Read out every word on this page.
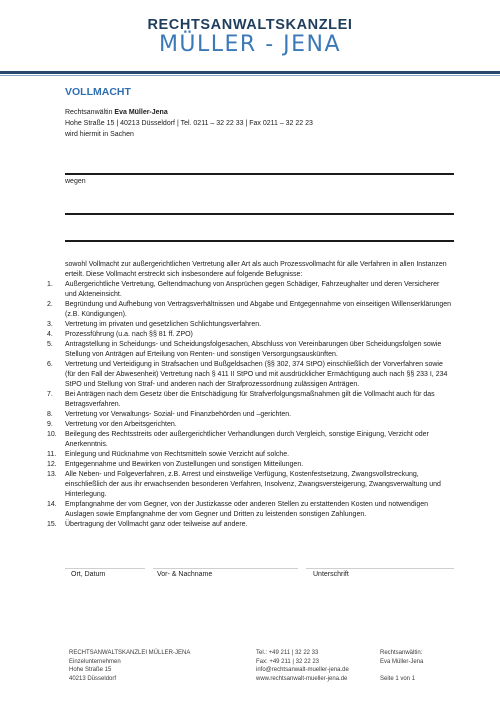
RECHTSANWALTSKANZLEI
MÜLLER - JENA
VOLLMACHT
Rechtsanwältin Eva Müller-Jena
Hohe Straße 15 | 40213 Düsseldorf | Tel. 0211 – 32 22 33 | Fax 0211 – 32 22 23
wird hiermit in Sachen
wegen
sowohl Vollmacht zur außergerichtlichen Vertretung aller Art als auch Prozessvollmacht für alle Verfahren in allen Instanzen erteilt. Diese Vollmacht erstreckt sich insbesondere auf folgende Befugnisse:
1.	Außergerichtliche Vertretung, Geltendmachung von Ansprüchen gegen Schädiger, Fahrzeughalter und deren Versicherer und Akteneinsicht.
2.	Begründung und Aufhebung von Vertragsverhältnissen und Abgabe und Entgegennahme von einseitigen Willenserklärungen (z.B. Kündigungen).
3.	Vertretung im privaten und gesetzlichen Schlichtungsverfahren.
4.	Prozessführung (u.a. nach §§ 81 ff. ZPO)
5.	Antragstellung in Scheidungs- und Scheidungsfolgesachen, Abschluss von Vereinbarungen über Scheidungsfolgen sowie Stellung von Anträgen auf Erteilung von Renten- und sonstigen Versorgungsauskünften.
6.	Vertretung und Verteidigung in Strafsachen und Bußgeldsachen (§§ 302, 374 StPO) einschließlich der Vorverfahren sowie (für den Fall der Abwesenheit) Vertretung nach § 411 II StPO und mit ausdrücklicher Ermächtigung auch nach §§ 233 I, 234 StPO und Stellung von Straf- und anderen nach der Strafprozessordnung zulässigen Anträgen.
7.	Bei Anträgen nach dem Gesetz über die Entschädigung für Strafverfolgungsmaßnahmen gilt die Vollmacht auch für das Betragsverfahren.
8.	Vertretung vor Verwaltungs- Sozial- und Finanzbehörden und –gerichten.
9.	Vertretung vor den Arbeitsgerichten.
10.	Beilegung des Rechtsstreits oder außergerichtlicher Verhandlungen durch Vergleich, sonstige Einigung, Verzicht oder Anerkenntnis.
11.	Einlegung und Rücknahme von Rechtsmitteln sowie Verzicht auf solche.
12.	Entgegennahme und Bewirken von Zustellungen und sonstigen Mitteilungen.
13.	Alle Neben- und Folgeverfahren, z.B. Arrest und einstweilige Verfügung, Kostenfestsetzung, Zwangsvollstreckung, einschließlich der aus ihr erwachsenden besonderen Verfahren, Insolvenz, Zwangsversteigerung, Zwangsverwaltung und Hinterlegung.
14.	Empfangnahme der vom Gegner, von der Justizkasse oder anderen Stellen zu erstattenden Kosten und notwendigen Auslagen sowie Empfangnahme der vom Gegner und Dritten zu leistenden sonstigen Zahlungen.
15.	Übertragung der Vollmacht ganz oder teilweise auf andere.
Ort, Datum	Vor- & Nachname	Unterschrift
RECHTSANWALTSKANZLEI MÜLLER-JENA
Einzelunternehmen
Hohe Straße 15
40213 Düsseldorf
Tel.: +49 211 | 32 22 33
Fax: +49 211 | 32 22 23
info@rechtsanwalt-mueller-jena.de
www.rechtsanwalt-mueller-jena.de
Rechtsanwältin:
Eva Müller-Jena

Seite 1 von 1
